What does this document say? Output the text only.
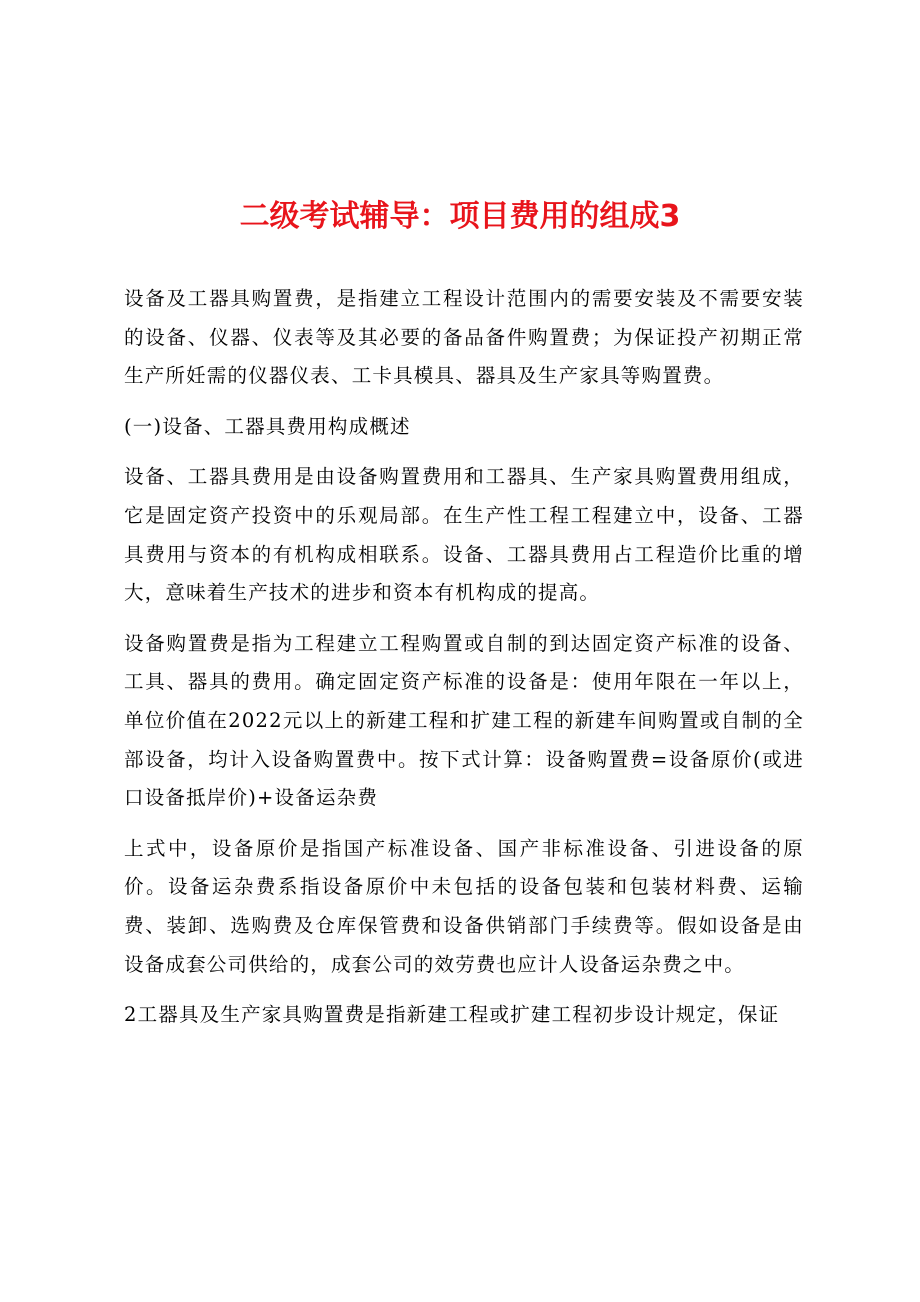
二级考试辅导：项目费用的组成3

设备及工器具购置费，是指建立工程设计范围内的需要安装及不需要安装的设备、仪器、仪表等及其必要的备品备件购置费；为保证投产初期正常生产所妊需的仪器仪表、工卡具模具、器具及生产家具等购置费。

(一)设备、工器具费用构成概述

设备、工器具费用是由设备购置费用和工器具、生产家具购置费用组成，它是固定资产投资中的乐观局部。在生产性工程工程建立中，设备、工器具费用与资本的有机构成相联系。设备、工器具费用占工程造价比重的增大，意味着生产技术的进步和资本有机构成的提高。

设备购置费是指为工程建立工程购置或自制的到达固定资产标准的设备、工具、器具的费用。确定固定资产标准的设备是：使用年限在一年以上，单位价值在2022元以上的新建工程和扩建工程的新建车间购置或自制的全部设备，均计入设备购置费中。按下式计算：设备购置费=设备原价(或进口设备抵岸价)+设备运杂费

上式中，设备原价是指国产标准设备、国产非标准设备、引进设备的原价。设备运杂费系指设备原价中未包括的设备包装和包装材料费、运输费、装卸、选购费及仓库保管费和设备供销部门手续费等。假如设备是由设备成套公司供给的，成套公司的效劳费也应计人设备运杂费之中。

2工器具及生产家具购置费是指新建工程或扩建工程初步设计规定，保证
